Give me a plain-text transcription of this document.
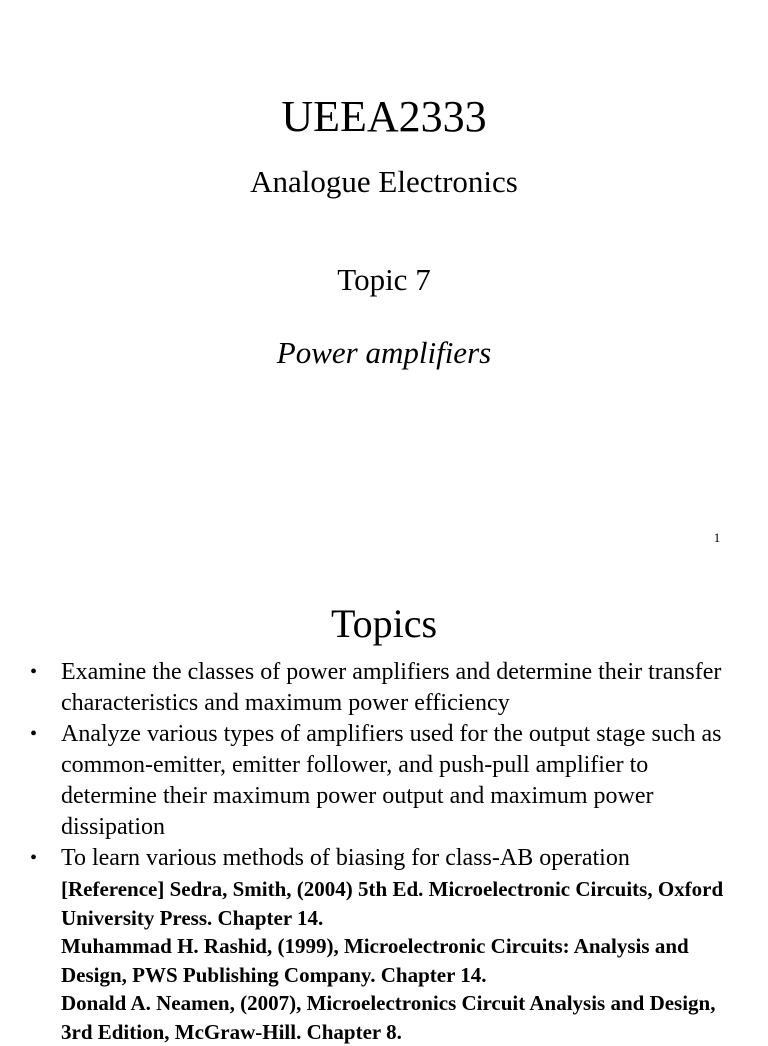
UEEA2333
Analogue Electronics
Topic 7
Power amplifiers
1
Topics
• Examine the classes of power amplifiers and determine their transfer characteristics and maximum power efficiency
• Analyze various types of amplifiers used for the output stage such as common-emitter, emitter follower, and push-pull amplifier to determine their maximum power output and maximum power dissipation
• To learn various methods of biasing for class-AB operation
[Reference] Sedra, Smith, (2004) 5th Ed. Microelectronic Circuits, Oxford University Press. Chapter 14.
Muhammad H. Rashid, (1999), Microelectronic Circuits: Analysis and Design, PWS Publishing Company. Chapter 14.
Donald A. Neamen, (2007), Microelectronics Circuit Analysis and Design, 3rd Edition, McGraw-Hill. Chapter 8.
